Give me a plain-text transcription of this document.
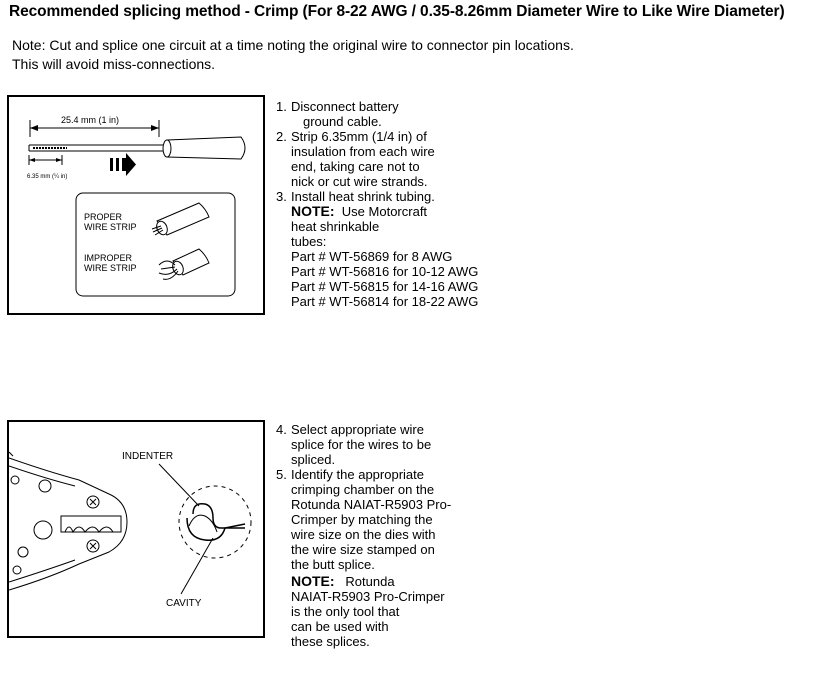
Recommended splicing method - Crimp (For 8-22 AWG / 0.35-8.26mm Diameter Wire to Like Wire Diameter)
Note: Cut and splice one circuit at a time noting the original wire to connector pin locations.
This will avoid miss-connections.
25.4 mm (1 in)
6.35 mm (¼ in)
PROPER
WIRE STRIP
IMPROPER
WIRE STRIP
1. Disconnect battery
ground cable.
2. Strip 6.35mm (1/4 in) of
insulation from each wire
end, taking care not to
nick or cut wire strands.
3. Install heat shrink tubing.
NOTE: Use Motorcraft
heat shrinkable
tubes:
Part # WT-56869 for 8 AWG
Part # WT-56816 for 10-12 AWG
Part # WT-56815 for 14-16 AWG
Part # WT-56814 for 18-22 AWG
INDENTER
CAVITY
4. Select appropriate wire
splice for the wires to be
spliced.
5. Identify the appropriate
crimping chamber on the
Rotunda NAIAT-R5903 Pro-
Crimper by matching the
wire size on the dies with
the wire size stamped on
the butt splice.
NOTE: Rotunda
NAIAT-R5903 Pro-Crimper
is the only tool that
can be used with
these splices.
